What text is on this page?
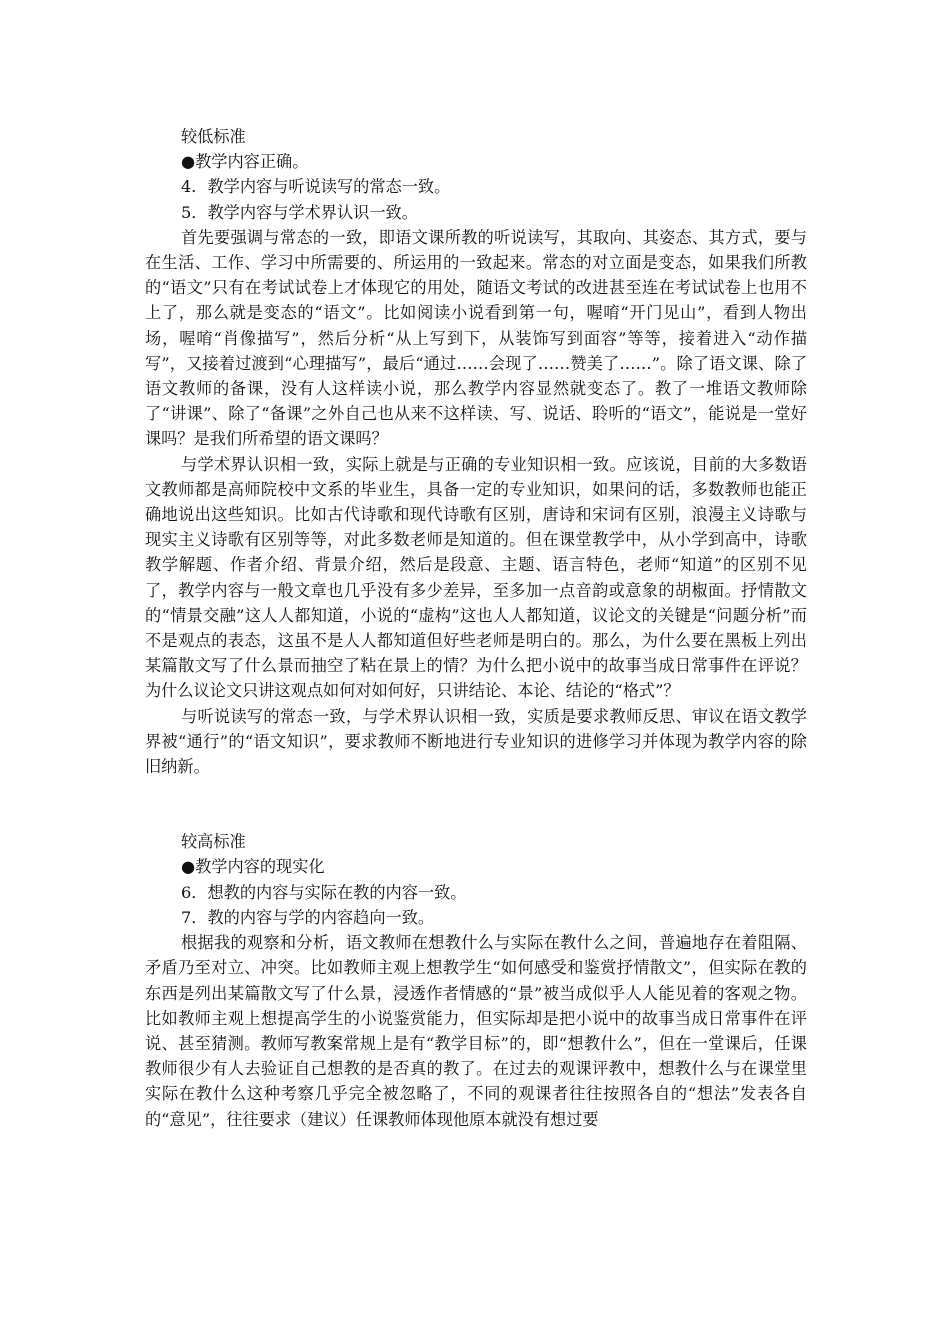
较低标准

●教学内容正确。

4．教学内容与听说读写的常态一致。

5．教学内容与学术界认识一致。

首先要强调与常态的一致，即语文课所教的听说读写，其取向、其姿态、其方式，要与在生活、工作、学习中所需要的、所运用的一致起来。常态的对立面是变态，如果我们所教的“语文”只有在考试试卷上才体现它的用处，随语文考试的改进甚至连在考试试卷上也用不上了，那么就是变态的“语文”。比如阅读小说看到第一句，喔唷“开门见山”，看到人物出场，喔唷“肖像描写”，然后分析“从上写到下，从装饰写到面容”等等，接着进入“动作描写”，又接着过渡到“心理描写”，最后“通过……会现了……赞美了……”。除了语文课、除了语文教师的备课，没有人这样读小说，那么教学内容显然就变态了。教了一堆语文教师除了“讲课”、除了“备课”之外自己也从来不这样读、写、说话、聆听的“语文”，能说是一堂好课吗？是我们所希望的语文课吗？

与学术界认识相一致，实际上就是与正确的专业知识相一致。应该说，目前的大多数语文教师都是高师院校中文系的毕业生，具备一定的专业知识，如果问的话，多数教师也能正确地说出这些知识。比如古代诗歌和现代诗歌有区别，唐诗和宋词有区别，浪漫主义诗歌与现实主义诗歌有区别等等，对此多数老师是知道的。但在课堂教学中，从小学到高中，诗歌教学解题、作者介绍、背景介绍，然后是段意、主题、语言特色，老师“知道”的区别不见了，教学内容与一般文章也几乎没有多少差异，至多加一点音韵或意象的胡椒面。抒情散文的“情景交融”这人人都知道，小说的“虚构”这也人人都知道，议论文的关键是“问题分析”而不是观点的表态，这虽不是人人都知道但好些老师是明白的。那么，为什么要在黑板上列出某篇散文写了什么景而抽空了粘在景上的情？为什么把小说中的故事当成日常事件在评说？为什么议论文只讲这观点如何对如何好，只讲结论、本论、结论的“格式”？

与听说读写的常态一致，与学术界认识相一致，实质是要求教师反思、审议在语文教学界被“通行”的“语文知识”，要求教师不断地进行专业知识的进修学习并体现为教学内容的除旧纳新。

较高标准

●教学内容的现实化

6．想教的内容与实际在教的内容一致。

7．教的内容与学的内容趋向一致。

根据我的观察和分析，语文教师在想教什么与实际在教什么之间，普遍地存在着阻隔、矛盾乃至对立、冲突。比如教师主观上想教学生“如何感受和鉴赏抒情散文”，但实际在教的东西是列出某篇散文写了什么景，浸透作者情感的“景”被当成似乎人人能见着的客观之物。比如教师主观上想提高学生的小说鉴赏能力，但实际却是把小说中的故事当成日常事件在评说、甚至猜测。教师写教案常规上是有“教学目标”的，即“想教什么”，但在一堂课后，任课教师很少有人去验证自己想教的是否真的教了。在过去的观课评教中，想教什么与在课堂里实际在教什么这种考察几乎完全被忽略了，不同的观课者往往按照各自的“想法”发表各自的“意见”，往往要求（建议）任课教师体现他原本就没有想过要
